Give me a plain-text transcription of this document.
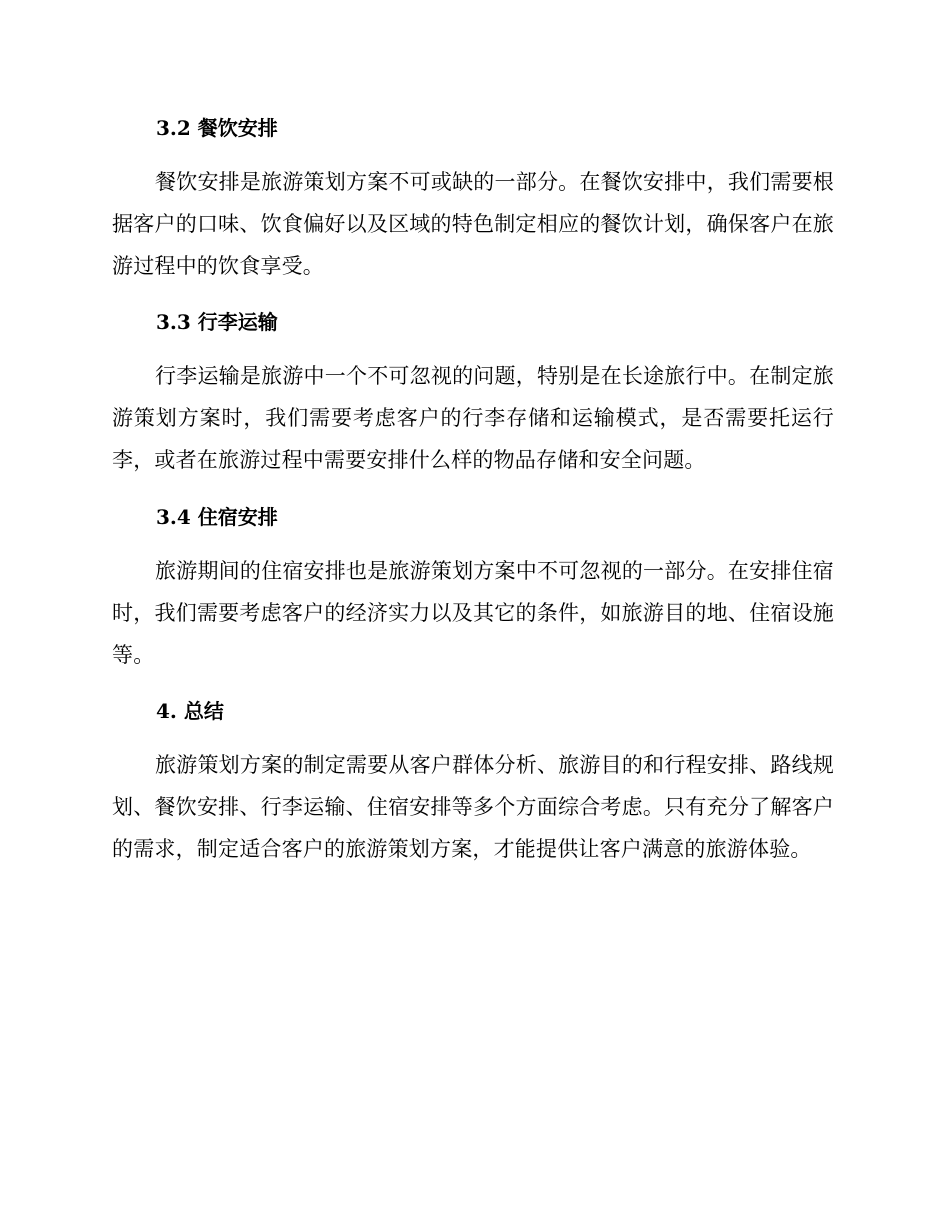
3.2 餐饮安排

餐饮安排是旅游策划方案不可或缺的一部分。在餐饮安排中，我们需要根据客户的口味、饮食偏好以及区域的特色制定相应的餐饮计划，确保客户在旅游过程中的饮食享受。

3.3 行李运输

行李运输是旅游中一个不可忽视的问题，特别是在长途旅行中。在制定旅游策划方案时，我们需要考虑客户的行李存储和运输模式，是否需要托运行李，或者在旅游过程中需要安排什么样的物品存储和安全问题。

3.4 住宿安排

旅游期间的住宿安排也是旅游策划方案中不可忽视的一部分。在安排住宿时，我们需要考虑客户的经济实力以及其它的条件，如旅游目的地、住宿设施等。

4. 总结

旅游策划方案的制定需要从客户群体分析、旅游目的和行程安排、路线规划、餐饮安排、行李运输、住宿安排等多个方面综合考虑。只有充分了解客户的需求，制定适合客户的旅游策划方案，才能提供让客户满意的旅游体验。
